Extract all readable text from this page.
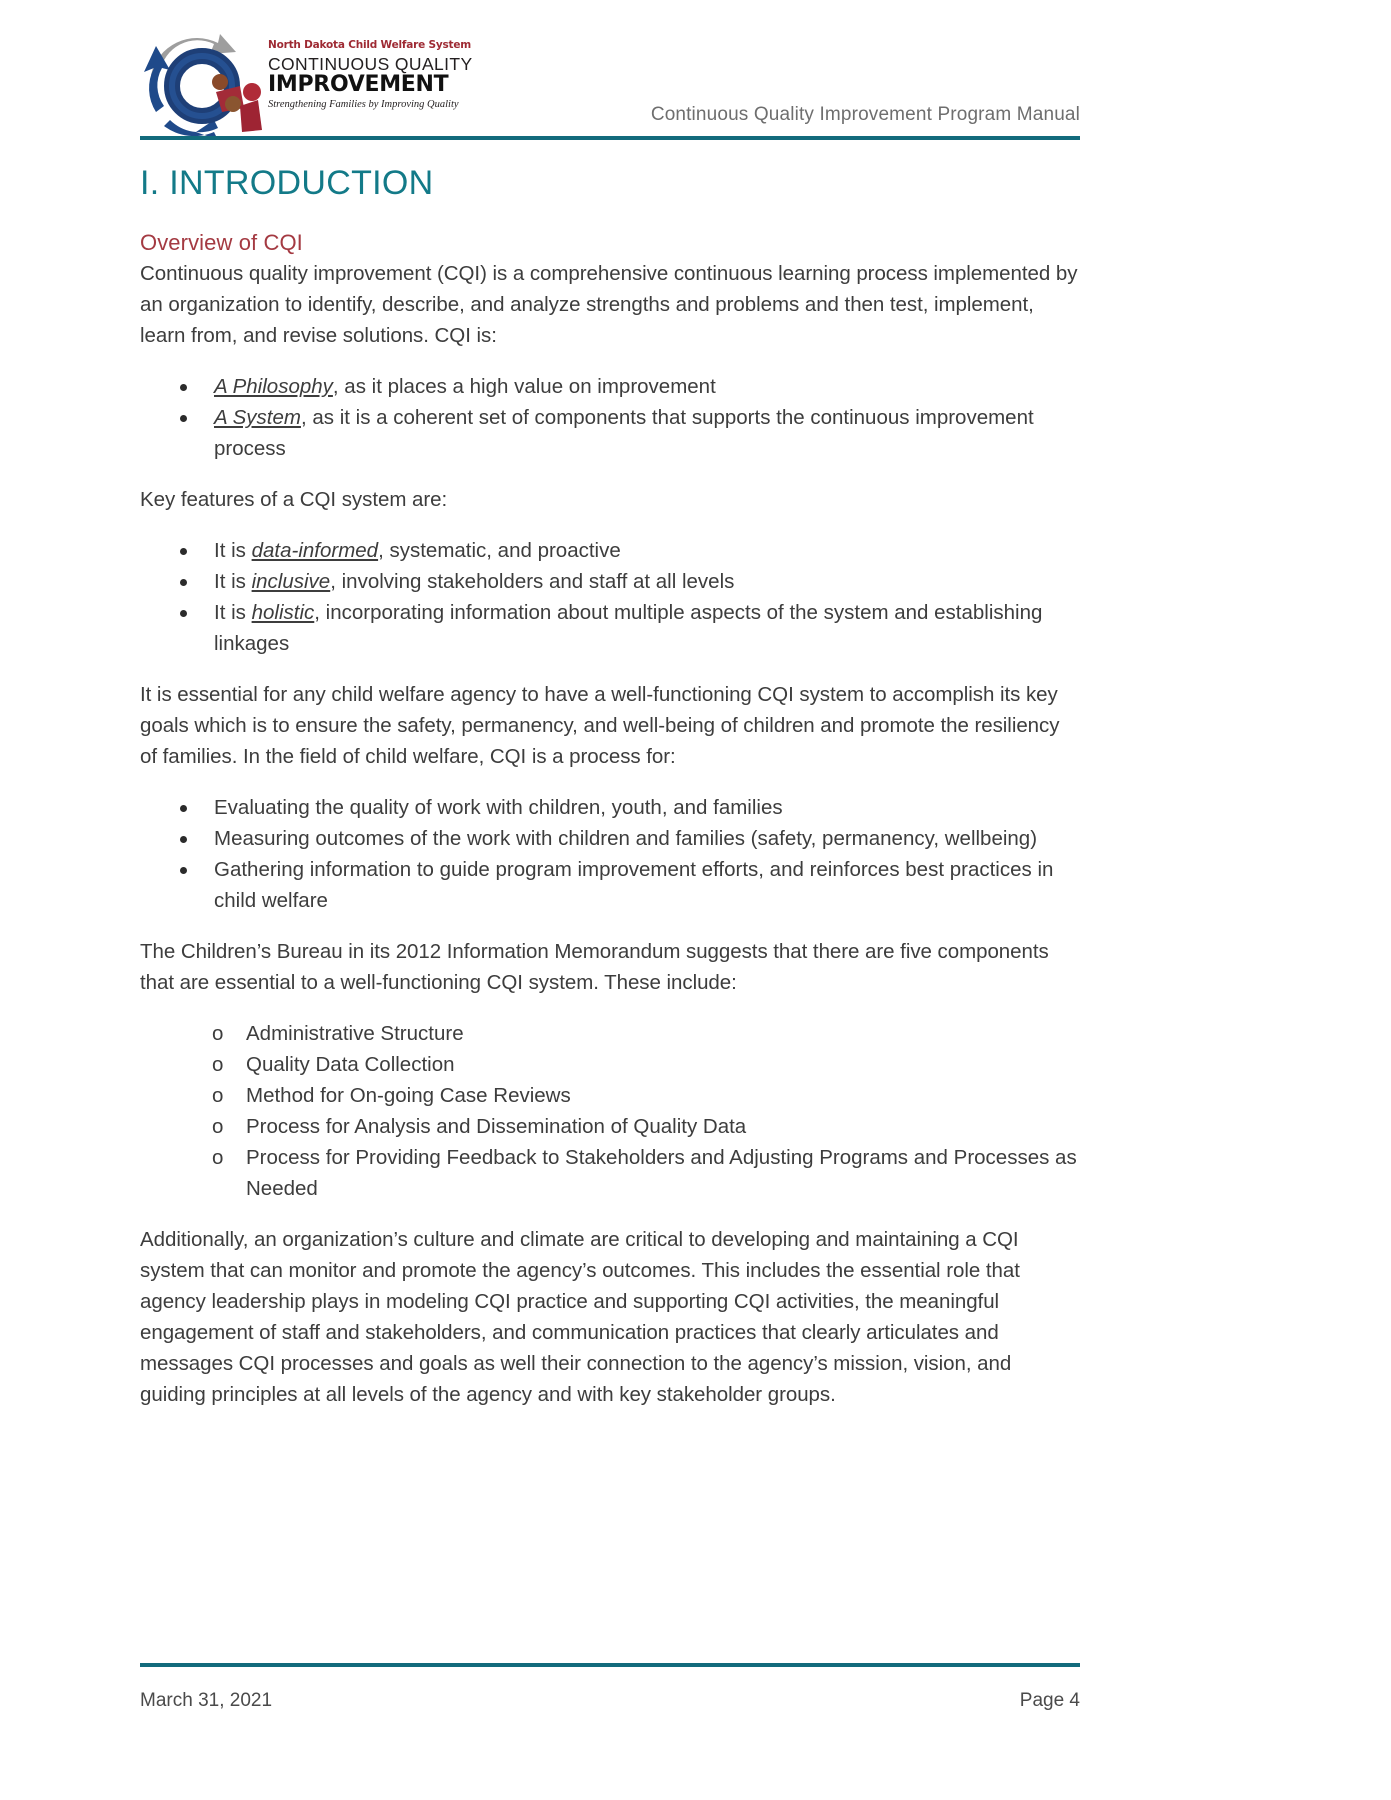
North Dakota Child Welfare System
CONTINUOUS QUALITY
IMPROVEMENT
Strengthening Families by Improving Quality	Continuous Quality Improvement Program Manual
I. INTRODUCTION
Overview of CQI

Continuous quality improvement (CQI) is a comprehensive continuous learning process implemented by an organization to identify, describe, and analyze strengths and problems and then test, implement, learn from, and revise solutions. CQI is:

A Philosophy, as it places a high value on improvement
A System, as it is a coherent set of components that supports the continuous improvement process

Key features of a CQI system are:

It is data-informed, systematic, and proactive
It is inclusive, involving stakeholders and staff at all levels
It is holistic, incorporating information about multiple aspects of the system and establishing linkages

It is essential for any child welfare agency to have a well-functioning CQI system to accomplish its key goals which is to ensure the safety, permanency, and well-being of children and promote the resiliency of families. In the field of child welfare, CQI is a process for:

Evaluating the quality of work with children, youth, and families
Measuring outcomes of the work with children and families (safety, permanency, wellbeing)
Gathering information to guide program improvement efforts, and reinforces best practices in child welfare

The Children’s Bureau in its 2012 Information Memorandum suggests that there are five components that are essential to a well-functioning CQI system. These include:

o Administrative Structure
o Quality Data Collection
o Method for On-going Case Reviews
o Process for Analysis and Dissemination of Quality Data
o Process for Providing Feedback to Stakeholders and Adjusting Programs and Processes as Needed

Additionally, an organization’s culture and climate are critical to developing and maintaining a CQI system that can monitor and promote the agency’s outcomes. This includes the essential role that agency leadership plays in modeling CQI practice and supporting CQI activities, the meaningful engagement of staff and stakeholders, and communication practices that clearly articulates and messages CQI processes and goals as well their connection to the agency’s mission, vision, and guiding principles at all levels of the agency and with key stakeholder groups.

March 31, 2021	Page 4
